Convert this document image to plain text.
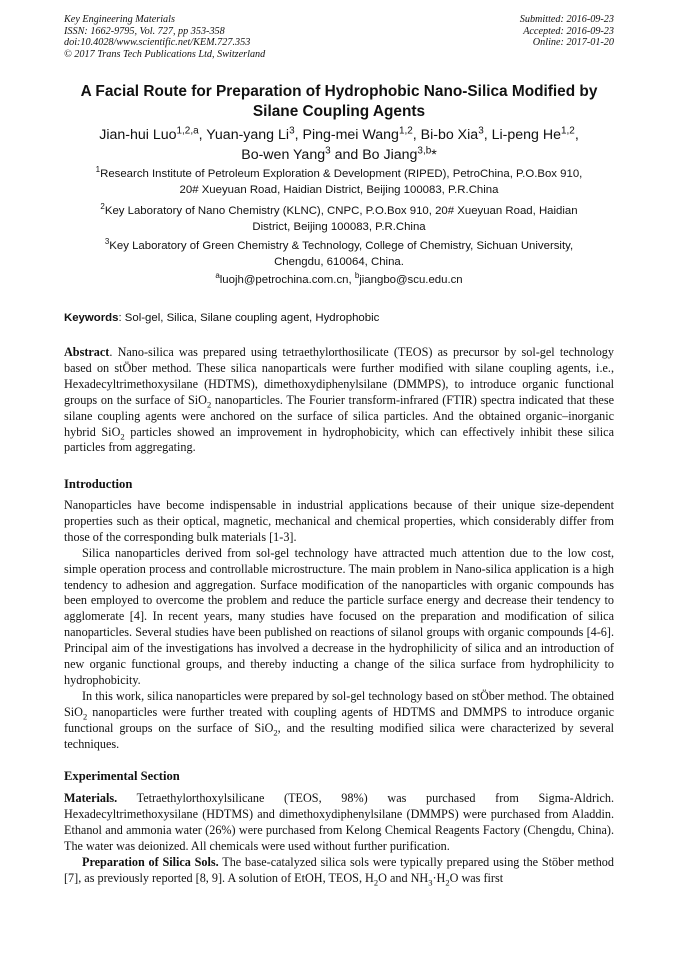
Key Engineering Materials
ISSN: 1662-9795, Vol. 727, pp 353-358
doi:10.4028/www.scientific.net/KEM.727.353
© 2017 Trans Tech Publications Ltd, Switzerland
Submitted: 2016-09-23
Accepted: 2016-09-23
Online: 2017-01-20
A Facial Route for Preparation of Hydrophobic Nano-Silica Modified by
Silane Coupling Agents
Jian-hui Luo$^{1,2,a}$, Yuan-yang Li$^3$, Ping-mei Wang$^{1,2}$, Bi-bo Xia$^3$, Li-peng He$^{1,2}$,
Bo-wen Yang$^3$ and Bo Jiang$^{3,b}$*
$^1$Research Institute of Petroleum Exploration & Development (RIPED), PetroChina, P.O.Box 910,
20# Xueyuan Road, Haidian District, Beijing 100083, P.R.China
$^2$Key Laboratory of Nano Chemistry (KLNC), CNPC, P.O.Box 910, 20# Xueyuan Road, Haidian
District, Beijing 100083, P.R.China
$^3$Key Laboratory of Green Chemistry & Technology, College of Chemistry, Sichuan University,
Chengdu, 610064, China.
$^a$luojh@petrochina.com.cn, $^b$jiangbo@scu.edu.cn
Keywords: Sol-gel, Silica, Silane coupling agent, Hydrophobic

Abstract. Nano-silica was prepared using tetraethylorthosilicate (TEOS) as precursor by sol-gel technology based on stÖber method. These silica nanoparticals were further modified with silane coupling agents, i.e., Hexadecyltrimethoxysilane (HDTMS), dimethoxydiphenylsilane (DMMPS), to introduce organic functional groups on the surface of SiO$_2$ nanoparticles. The Fourier transform-infrared (FTIR) spectra indicated that these silane coupling agents were anchored on the surface of silica particles. And the obtained organic–inorganic hybrid SiO$_2$ particles showed an improvement in hydrophobicity, which can effectively inhibit these silica particles from aggregating.

Introduction

Nanoparticles have become indispensable in industrial applications because of their unique size-dependent properties such as their optical, magnetic, mechanical and chemical properties, which considerably differ from those of the corresponding bulk materials [1-3].

Silica nanoparticles derived from sol-gel technology have attracted much attention due to the low cost, simple operation process and controllable microstructure. The main problem in Nano-silica application is a high tendency to adhesion and aggregation. Surface modification of the nanoparticles with organic compounds has been employed to overcome the problem and reduce the particle surface energy and decrease their tendency to agglomerate [4]. In recent years, many studies have focused on the preparation and modification of silica nanoparticles. Several studies have been published on reactions of silanol groups with organic compounds [4-6]. Principal aim of the investigations has involved a decrease in the hydrophilicity of silica and an introduction of new organic functional groups, and thereby inducting a change of the silica surface from hydrophilicity to hydrophobicity.

In this work, silica nanoparticles were prepared by sol-gel technology based on stÖber method. The obtained SiO$_2$ nanoparticles were further treated with coupling agents of HDTMS and DMMPS to introduce organic functional groups on the surface of SiO$_2$, and the resulting modified silica were characterized by several techniques.

Experimental Section

Materials. Tetraethylorthoxylsilicane (TEOS, 98%) was purchased from Sigma-Aldrich. Hexadecyltrimethoxysilane (HDTMS) and dimethoxydiphenylsilane (DMMPS) were purchased from Aladdin. Ethanol and ammonia water (26%) were purchased from Kelong Chemical Reagents Factory (Chengdu, China). The water was deionized. All chemicals were used without further purification.

Preparation of Silica Sols. The base-catalyzed silica sols were typically prepared using the Stöber method [7], as previously reported [8, 9]. A solution of EtOH, TEOS, $H_2O$ and $NH_3\cdot H_2O$ was first
